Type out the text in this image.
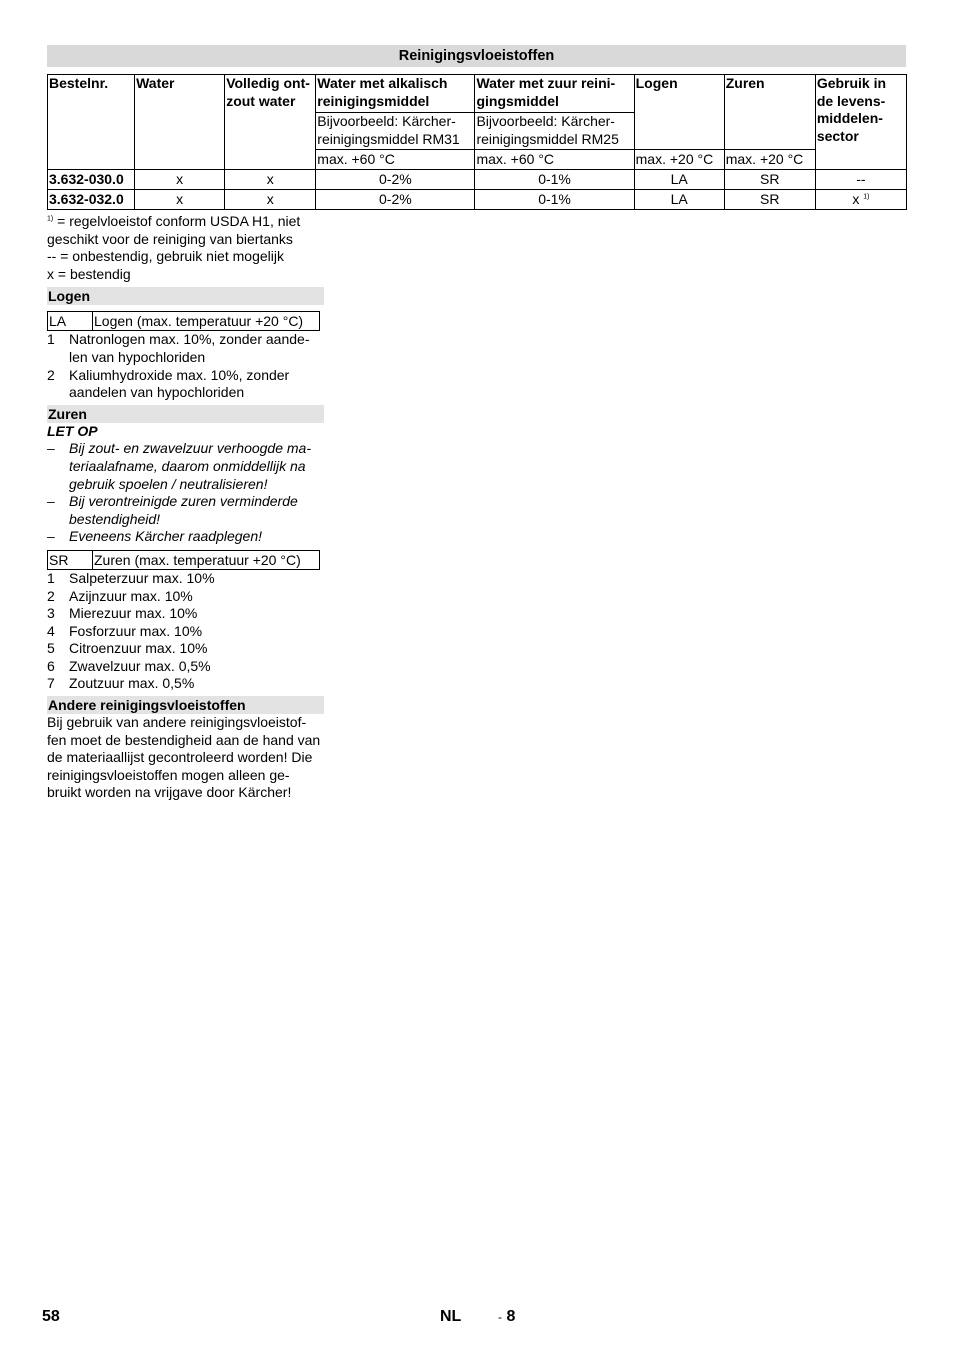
Reinigingsvloeistoffen
Bestelnr.	Water	Volledig ont-zout water	Water met alkalisch reinigingsmiddel	Water met zuur reini-gingsmiddel	Logen	Zuren	Gebruik in de levens-middelen-sector
			Bijvoorbeeld: Kärcher-reinigingsmiddel RM31	Bijvoorbeeld: Kärcher-reinigingsmiddel RM25			
			max. +60 °C	max. +60 °C	max. +20 °C	max. +20 °C	
3.632-030.0	x	x	0-2%	0-1%	LA	SR	--
3.632-032.0	x	x	0-2%	0-1%	LA	SR	x $^{1)}$

$^{1)}$ = regelvloeistof conform USDA H1, niet geschikt voor de reiniging van biertanks

-- = onbestendig, gebruik niet mogelijk

x = bestendig

Logen
LA	Logen (max. temperatuur +20 °C)
1	Natronlogen max. 10%, zonder aande-len van hypochloriden
2	Kaliumhydroxide max. 10%, zonder aandelen van hypochloriden
Zuren

LET OP

–	Bij zout- en zwavelzuur verhoogde ma-teriaalafname, daarom onmiddellijk na gebruik spoelen / neutralisieren!
–	Bij verontreinigde zuren verminderde bestendigheid!
–	Eveneens Kärcher raadplegen!
SR	Zuren (max. temperatuur +20 °C)
1	Salpeterzuur max. 10%
2	Azijnzuur max. 10%
3	Mierezuur max. 10%
4	Fosforzuur max. 10%
5	Citroenzuur max. 10%
6	Zwavelzuur max. 0,5%
7	Zoutzuur max. 0,5%
Andere reinigingsvloeistoffen

Bij gebruik van andere reinigingsvloeistof-fen moet de bestendigheid aan de hand van de materiaallijst gecontroleerd worden! Die reinigingsvloeistoffen mogen alleen ge-bruikt worden na vrijgave door Kärcher!

58	NL	- 8
